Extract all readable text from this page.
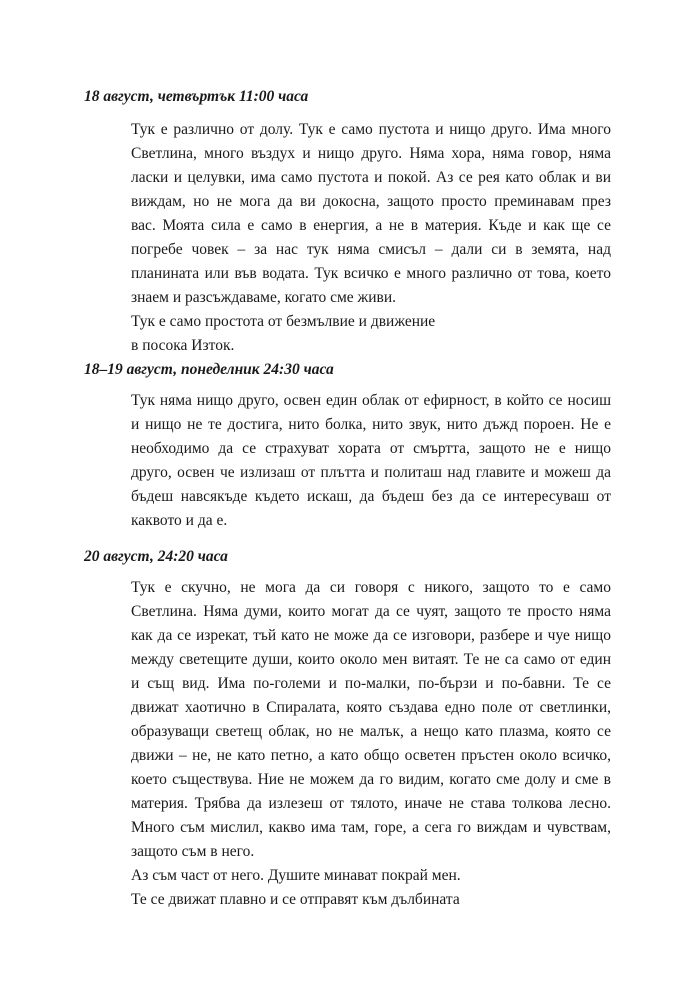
18 август, четвъртък 11:00 часа
Тук е различно от долу. Тук е само пустота и нищо друго. Има много
Светлина, много въздух и нищо друго. Няма хора, няма говор, няма
ласки и целувки, има само пустота и покой. Аз се рея като облак и ви
виждам, но не мога да ви докосна, защото просто преминавам през
вас. Моята сила е само в енергия, а не в материя. Къде и как ще се
погребе човек – за нас тук няма смисъл – дали си в земята, над
планината или във водата. Тук всичко е много различно от това, което
знаем и разсъждаваме, когато сме живи.
Тук е само простота от безмълвие и движение
в посока Изток.
18–19 август, понеделник 24:30 часа
Тук няма нищо друго, освен един облак от ефирност, в който се носиш
и нищо не те достига, нито болка, нито звук, нито дъжд пороен. Не е
необходимо да се страхуват хората от смъртта, защото не е нищо
друго, освен че излизаш от плътта и политаш над главите и можеш да
бъдеш навсякъде където искаш, да бъдеш без да се интересуваш от
каквото и да е.
20 август, 24:20 часа
Тук е скучно, не мога да си говоря с никого, защото то е само
Светлина. Няма думи, които могат да се чуят, защото те просто няма
как да се изрекат, тъй като не може да се изговори, разбере и чуе нищо
между светещите души, които около мен витаят. Те не са само от един
и същ вид. Има по-големи и по-малки, по-бързи и по-бавни. Те се
движат хаотично в Спиралата, която създава едно поле от светлинки,
образуващи светещ облак, но не малък, а нещо като плазма, която се
движи – не, не като петно, а като общо осветен пръстен около всичко,
което съществува. Ние не можем да го видим, когато сме долу и сме в
материя. Трябва да излезеш от тялото, иначе не става толкова лесно.
Много съм мислил, какво има там, горе, а сега го виждам и чувствам,
защото съм в него.
Аз съм част от него. Душите минават покрай мен.
Те се движат плавно и се отправят към дълбината
